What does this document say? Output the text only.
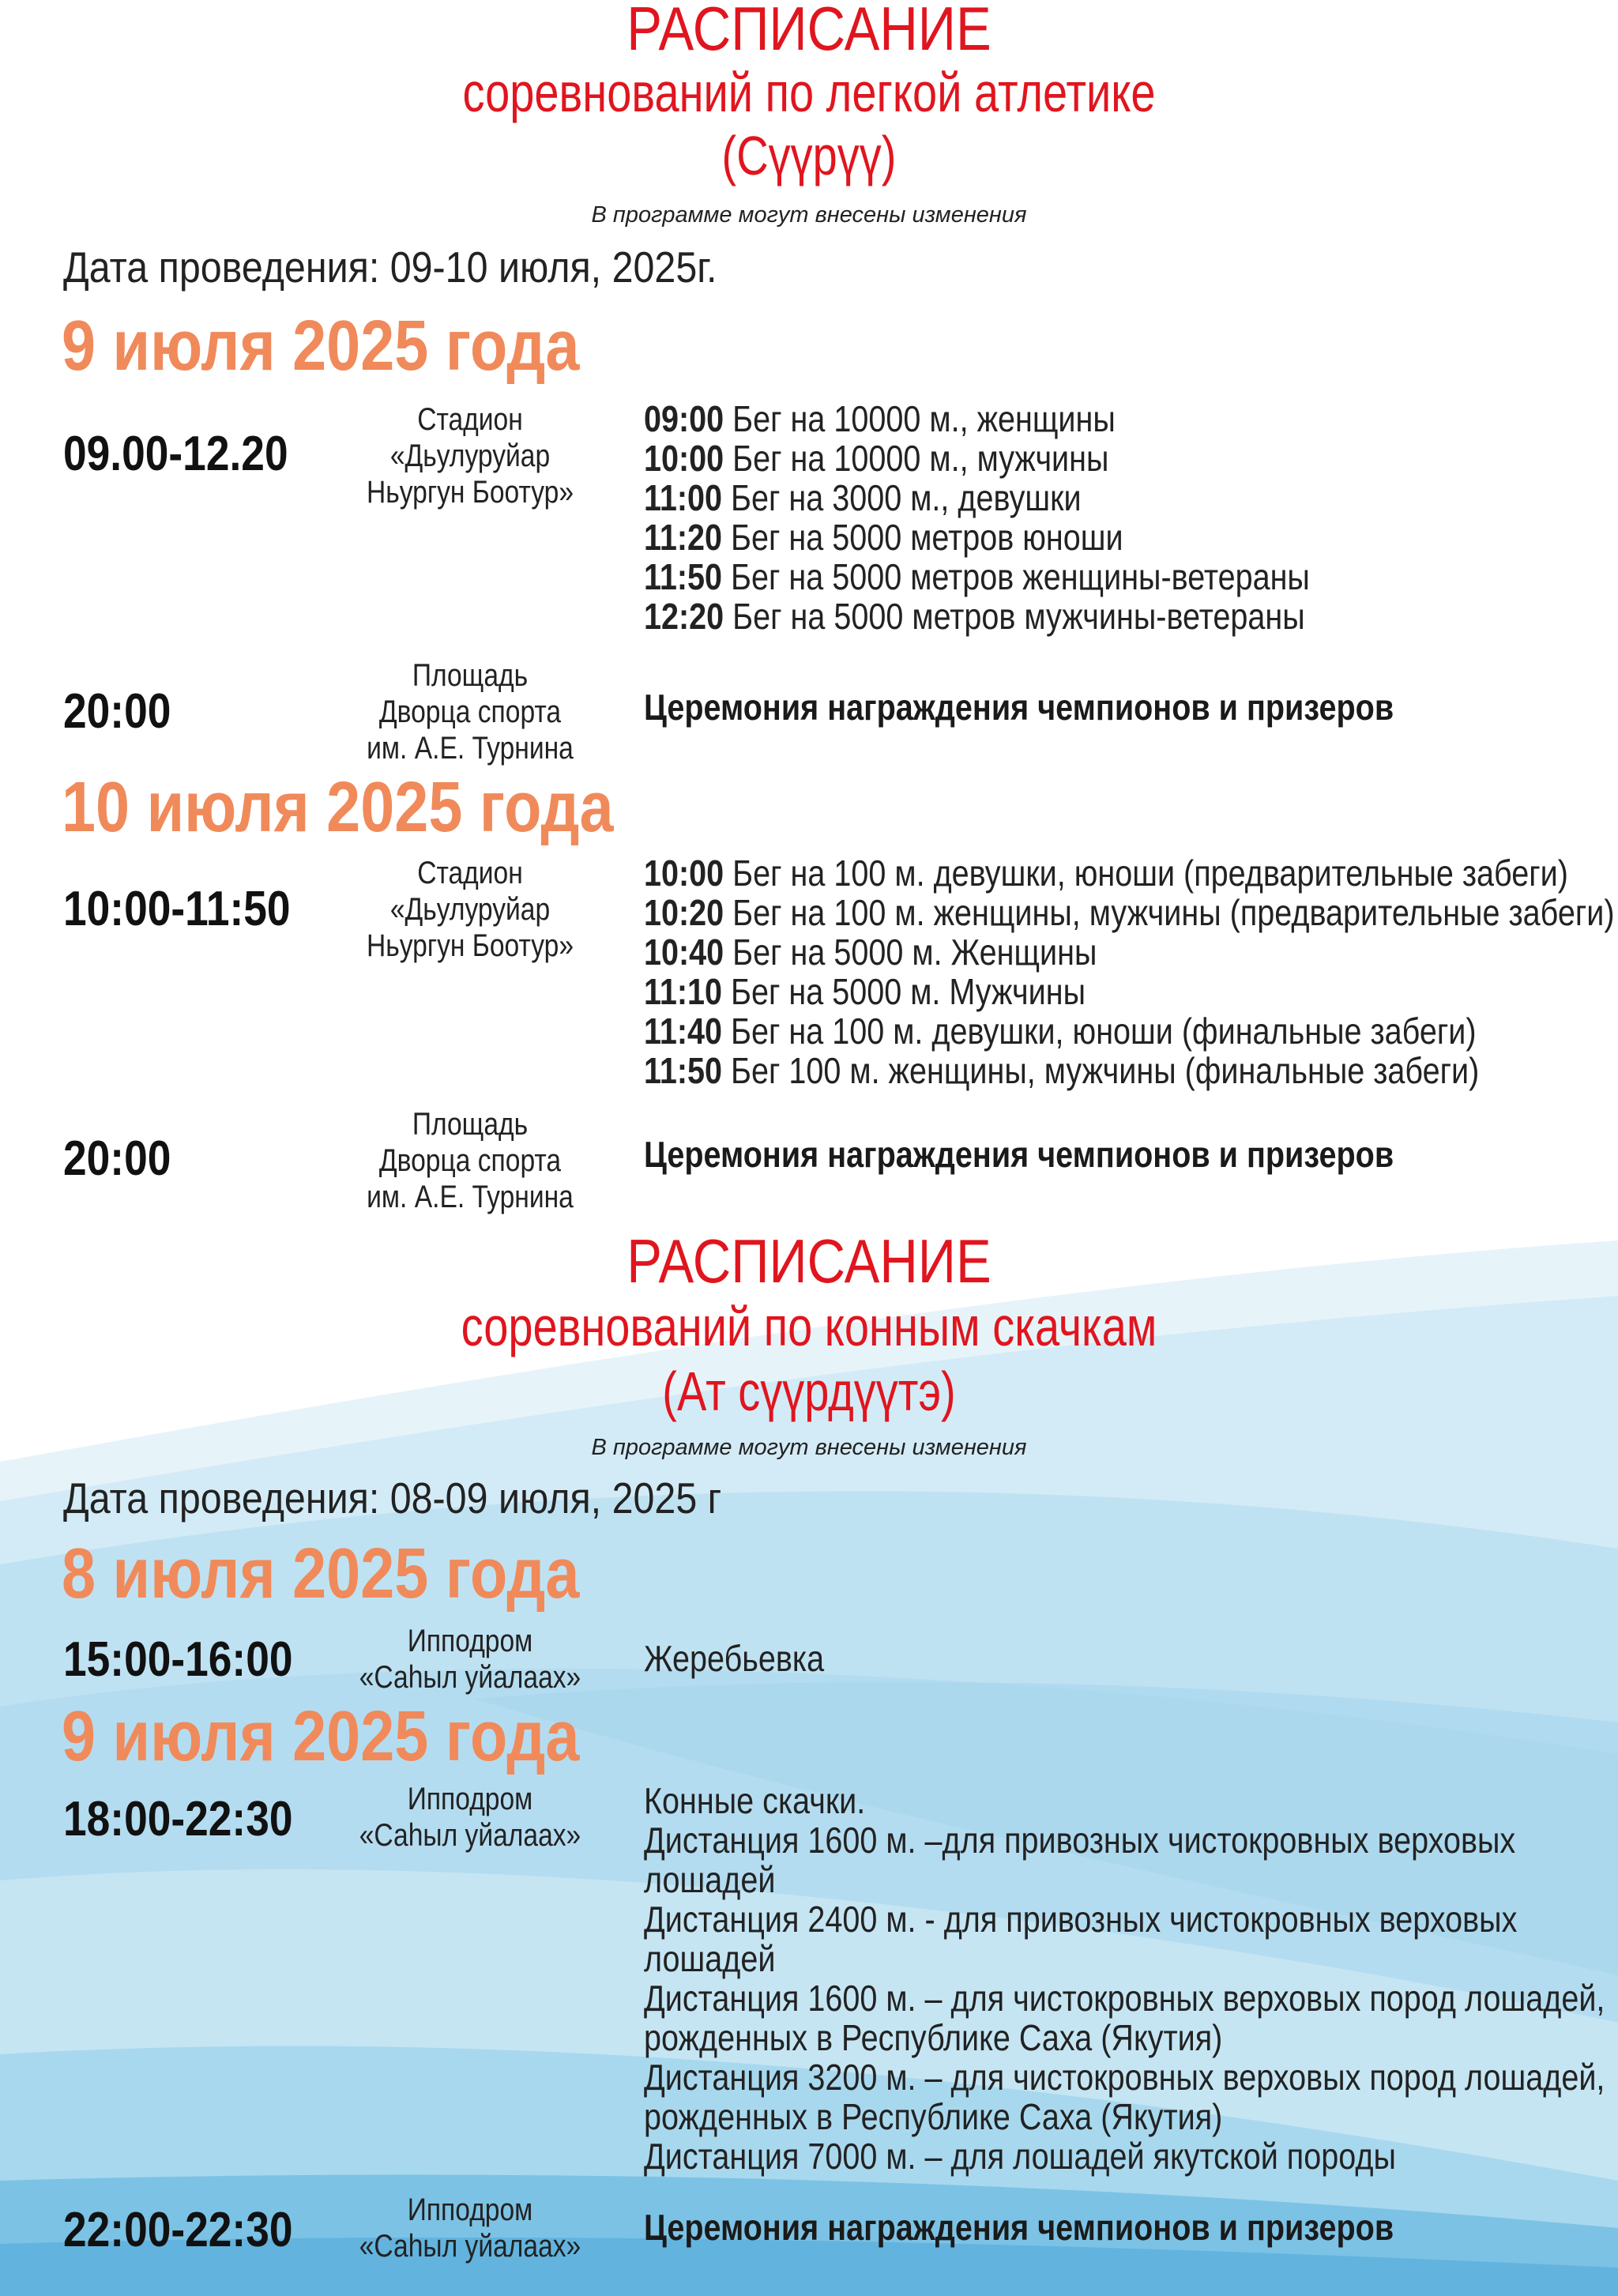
РАСПИСАНИЕ
соревнований по легкой атлетике
(Сүүрүү)
В программе могут внесены изменения
Дата проведения: 09-10 июля, 2025г.
9 июля 2025 года
09.00-12.20
Стадион
«Дьулуруйар
Ньургун Боотур»
09:00 Бег на 10000 м., женщины
10:00 Бег на 10000 м., мужчины
11:00 Бег на 3000 м., девушки
11:20 Бег на 5000 метров юноши
11:50 Бег на 5000 метров женщины-ветераны
12:20 Бег на 5000 метров мужчины-ветераны
20:00
Площадь
Дворца спорта
им. А.Е. Турнина
Церемония награждения чемпионов и призеров
10 июля 2025 года
10:00-11:50
Стадион
«Дьулуруйар
Ньургун Боотур»
10:00 Бег на 100 м. девушки, юноши (предварительные забеги)
10:20 Бег на 100 м. женщины, мужчины (предварительные забеги)
10:40 Бег на 5000 м. Женщины
11:10 Бег на 5000 м. Мужчины
11:40 Бег на 100 м. девушки, юноши (финальные забеги)
11:50 Бег 100 м. женщины, мужчины (финальные забеги)
20:00
Площадь
Дворца спорта
им. А.Е. Турнина
Церемония награждения чемпионов и призеров
РАСПИСАНИЕ
соревнований по конным скачкам
(Ат сүүрдүүтэ)
В программе могут внесены изменения
Дата проведения: 08-09 июля, 2025 г
8 июля 2025 года
15:00-16:00	Ипподром
«Саһыл уйалаах»	Жеребьевка
9 июля 2025 года
18:00-22:30	Ипподром
«Саһыл уйалаах»
Конные скачки.
Дистанция 1600 м. –для привозных чистокровных верховых
лошадей
Дистанция 2400 м. - для привозных чистокровных верховых
лошадей
Дистанция 1600 м. – для чистокровных верховых пород лошадей,
рожденных в Республике Саха (Якутия)
Дистанция 3200 м. – для чистокровных верховых пород лошадей,
рожденных в Республике Саха (Якутия)
Дистанция 7000 м. – для лошадей якутской породы
22:00-22:30	Ипподром
«Саһыл уйалаах»	Церемония награждения чемпионов и призеров
